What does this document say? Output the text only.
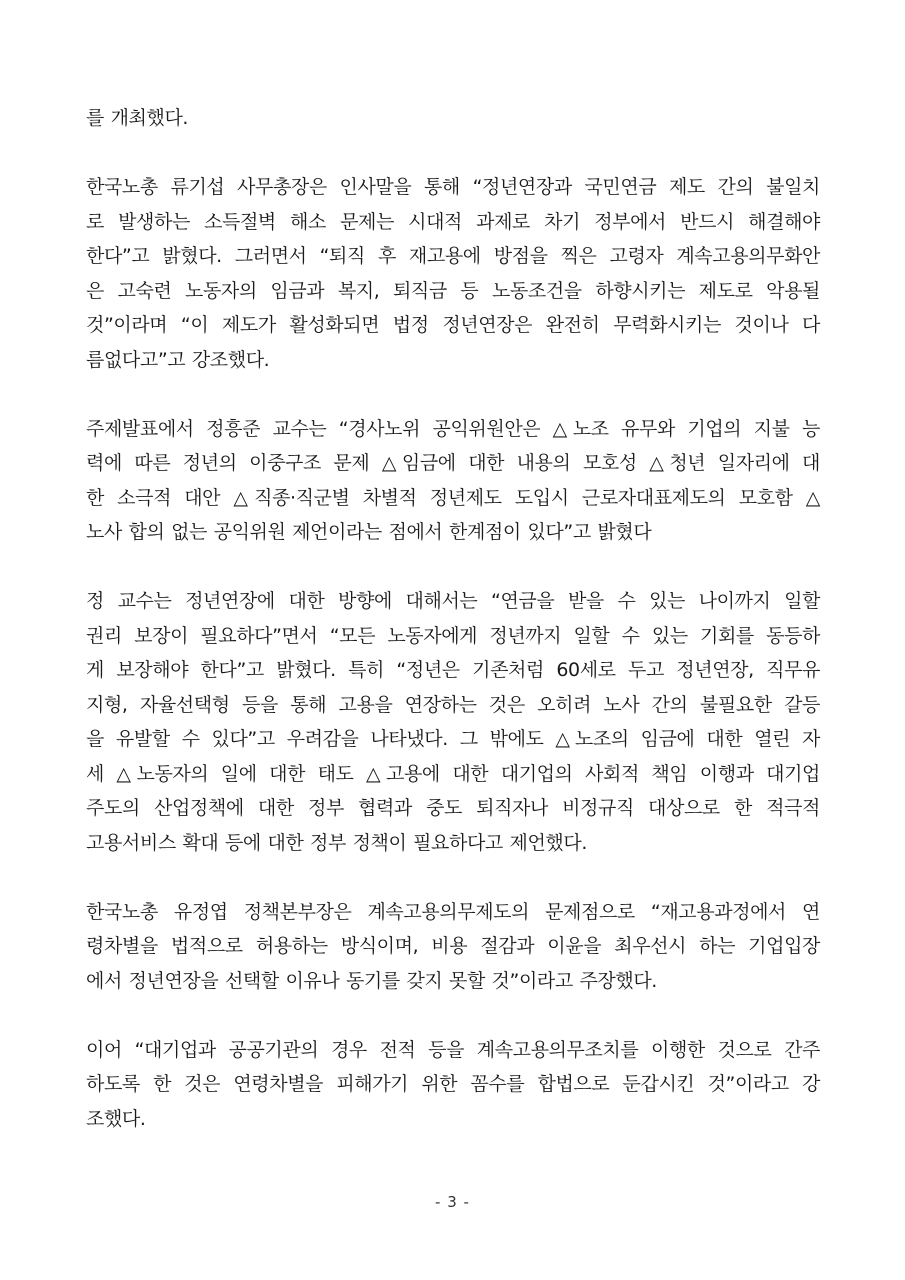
를 개최했다.

한국노총 류기섭 사무총장은 인사말을 통해 “정년연장과 국민연금 제도 간의 불일치
로 발생하는 소득절벽 해소 문제는 시대적 과제로 차기 정부에서 반드시 해결해야
한다”고 밝혔다. 그러면서 “퇴직 후 재고용에 방점을 찍은 고령자 계속고용의무화안
은 고숙련 노동자의 임금과 복지, 퇴직금 등 노동조건을 하향시키는 제도로 악용될
것”이라며 “이 제도가 활성화되면 법정 정년연장은 완전히 무력화시키는 것이나 다
름없다고”고 강조했다.

주제발표에서 정흥준 교수는 “경사노위 공익위원안은 △노조 유무와 기업의 지불 능
력에 따른 정년의 이중구조 문제 △임금에 대한 내용의 모호성 △청년 일자리에 대
한 소극적 대안 △직종·직군별 차별적 정년제도 도입시 근로자대표제도의 모호함 △
노사 합의 없는 공익위원 제언이라는 점에서 한계점이 있다”고 밝혔다

정 교수는 정년연장에 대한 방향에 대해서는 “연금을 받을 수 있는 나이까지 일할
권리 보장이 필요하다”면서 “모든 노동자에게 정년까지 일할 수 있는 기회를 동등하
게 보장해야 한다”고 밝혔다. 특히 “정년은 기존처럼 60세로 두고 정년연장, 직무유
지형, 자율선택형 등을 통해 고용을 연장하는 것은 오히려 노사 간의 불필요한 갈등
을 유발할 수 있다”고 우려감을 나타냈다. 그 밖에도 △노조의 임금에 대한 열린 자
세 △노동자의 일에 대한 태도 △고용에 대한 대기업의 사회적 책임 이행과 대기업
주도의 산업정책에 대한 정부 협력과 중도 퇴직자나 비정규직 대상으로 한 적극적
고용서비스 확대 등에 대한 정부 정책이 필요하다고 제언했다.

한국노총 유정엽 정책본부장은 계속고용의무제도의 문제점으로 “재고용과정에서 연
령차별을 법적으로 허용하는 방식이며, 비용 절감과 이윤을 최우선시 하는 기업입장
에서 정년연장을 선택할 이유나 동기를 갖지 못할 것”이라고 주장했다.

이어 “대기업과 공공기관의 경우 전적 등을 계속고용의무조치를 이행한 것으로 간주
하도록 한 것은 연령차별을 피해가기 위한 꼼수를 합법으로 둔갑시킨 것”이라고 강
조했다.

- 3 -
